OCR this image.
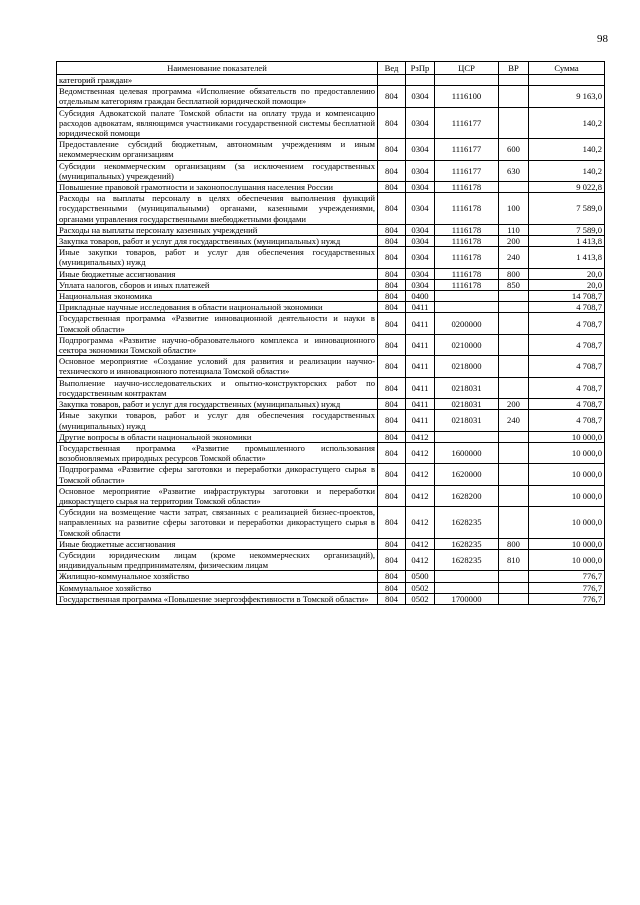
98
Наименование показателей	Вед	РзПр	ЦСР	ВР	Сумма
категорий граждан»					
Ведомственная целевая программа «Исполнение обязательств по предоставлению отдельным категориям граждан бесплатной юридической помощи»	804	0304	1116100		9 163,0
Субсидия Адвокатской палате Томской области на оплату труда и компенсацию расходов адвокатам, являющимся участниками государственной системы бесплатной юридической помощи	804	0304	1116177		140,2
Предоставление субсидий бюджетным, автономным учреждениям и иным некоммерческим организациям	804	0304	1116177	600	140,2
Субсидии некоммерческим организациям (за исключением государственных (муниципальных) учреждений)	804	0304	1116177	630	140,2
Повышение правовой грамотности и законопослушания населения России	804	0304	1116178		9 022,8
Расходы на выплаты персоналу в целях обеспечения выполнения функций государственными (муниципальными) органами, казенными учреждениями, органами управления государственными внебюджетными фондами	804	0304	1116178	100	7 589,0
Расходы на выплаты персоналу казенных учреждений	804	0304	1116178	110	7 589,0
Закупка товаров, работ и услуг для государственных (муниципальных) нужд	804	0304	1116178	200	1 413,8
Иные закупки товаров, работ и услуг для обеспечения государственных (муниципальных) нужд	804	0304	1116178	240	1 413,8
Иные бюджетные ассигнования	804	0304	1116178	800	20,0
Уплата налогов, сборов и иных платежей	804	0304	1116178	850	20,0
Национальная экономика	804	0400			14 708,7
Прикладные научные исследования в области национальной экономики	804	0411			4 708,7
Государственная программа «Развитие инновационной деятельности и науки в Томской области»	804	0411	0200000		4 708,7
Подпрограмма «Развитие научно-образовательного комплекса и инновационного сектора экономики Томской области»	804	0411	0210000		4 708,7
Основное мероприятие «Создание условий для развития и реализации научно-технического и инновационного потенциала Томской области»	804	0411	0218000		4 708,7
Выполнение научно-исследовательских и опытно-конструкторских работ по государственным контрактам	804	0411	0218031		4 708,7
Закупка товаров, работ и услуг для государственных (муниципальных) нужд	804	0411	0218031	200	4 708,7
Иные закупки товаров, работ и услуг для обеспечения государственных (муниципальных) нужд	804	0411	0218031	240	4 708,7
Другие вопросы в области национальной экономики	804	0412			10 000,0
Государственная программа «Развитие промышленного использования возобновляемых природных ресурсов Томской области»	804	0412	1600000		10 000,0
Подпрограмма «Развитие сферы заготовки и переработки дикорастущего сырья в Томской области»	804	0412	1620000		10 000,0
Основное мероприятие «Развитие инфраструктуры заготовки и переработки дикорастущего сырья на территории Томской области»	804	0412	1628200		10 000,0
Субсидии на возмещение части затрат, связанных с реализацией бизнес-проектов, направленных на развитие сферы заготовки и переработки дикорастущего сырья в Томской области	804	0412	1628235		10 000,0
Иные бюджетные ассигнования	804	0412	1628235	800	10 000,0
Субсидии юридическим лицам (кроме некоммерческих организаций), индивидуальным предпринимателям, физическим лицам	804	0412	1628235	810	10 000,0
Жилищно-коммунальное хозяйство	804	0500			776,7
Коммунальное хозяйство	804	0502			776,7
Государственная программа «Повышение энергоэффективности в Томской области»	804	0502	1700000		776,7
